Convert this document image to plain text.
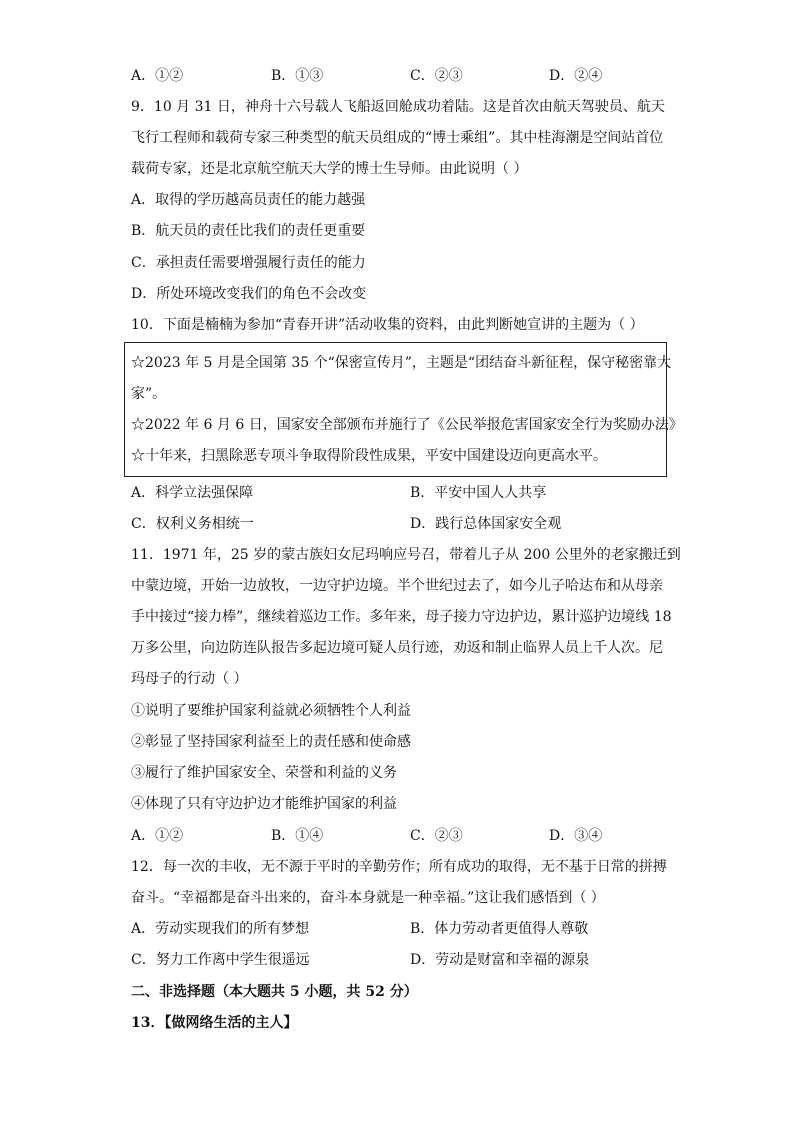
A．①②	B．①③	C．②③	D．②④
9．10 月 31 日，神舟十六号载人飞船返回舱成功着陆。这是首次由航天驾驶员、航天
飞行工程师和载荷专家三种类型的航天员组成的“博士乘组”。其中桂海潮是空间站首位
载荷专家，还是北京航空航天大学的博士生导师。由此说明（ ）
A．取得的学历越高员责任的能力越强
B．航天员的责任比我们的责任更重要
C．承担责任需要增强履行责任的能力
D．所处环境改变我们的角色不会改变
10．下面是楠楠为参加“青春开讲”活动收集的资料，由此判断她宣讲的主题为（ ）
☆2023 年 5 月是全国第 35 个“保密宣传月”，主题是“团结奋斗新征程，保守秘密靠大
家”。
☆2022 年 6 月 6 日，国家安全部颁布并施行了《公民举报危害国家安全行为奖励办法》
☆十年来，扫黑除恶专项斗争取得阶段性成果，平安中国建设迈向更高水平。
A．科学立法强保障	B．平安中国人人共享
C．权利义务相统一	D．践行总体国家安全观
11．1971 年，25 岁的蒙古族妇女尼玛响应号召，带着儿子从 200 公里外的老家搬迁到
中蒙边境，开始一边放牧，一边守护边境。半个世纪过去了，如今儿子哈达布和从母亲
手中接过“接力棒”，继续着巡边工作。多年来，母子接力守边护边，累计巡护边境线 18
万多公里，向边防连队报告多起边境可疑人员行迹，劝返和制止临界人员上千人次。尼
玛母子的行动（ ）
①说明了要维护国家利益就必须牺牲个人利益
②彰显了坚持国家利益至上的责任感和使命感
③履行了维护国家安全、荣誉和利益的义务
④体现了只有守边护边才能维护国家的利益
A．①②	B．①④	C．②③	D．③④
12．每一次的丰收，无不源于平时的辛勤劳作；所有成功的取得，无不基于日常的拼搏
奋斗。“幸福都是奋斗出来的，奋斗本身就是一种幸福。”这让我们感悟到（ ）
A．劳动实现我们的所有梦想	B．体力劳动者更值得人尊敬
C．努力工作离中学生很遥远	D．劳动是财富和幸福的源泉
二、非选择题（本大题共 5 小题，共 52 分）
13．【做网络生活的主人】
